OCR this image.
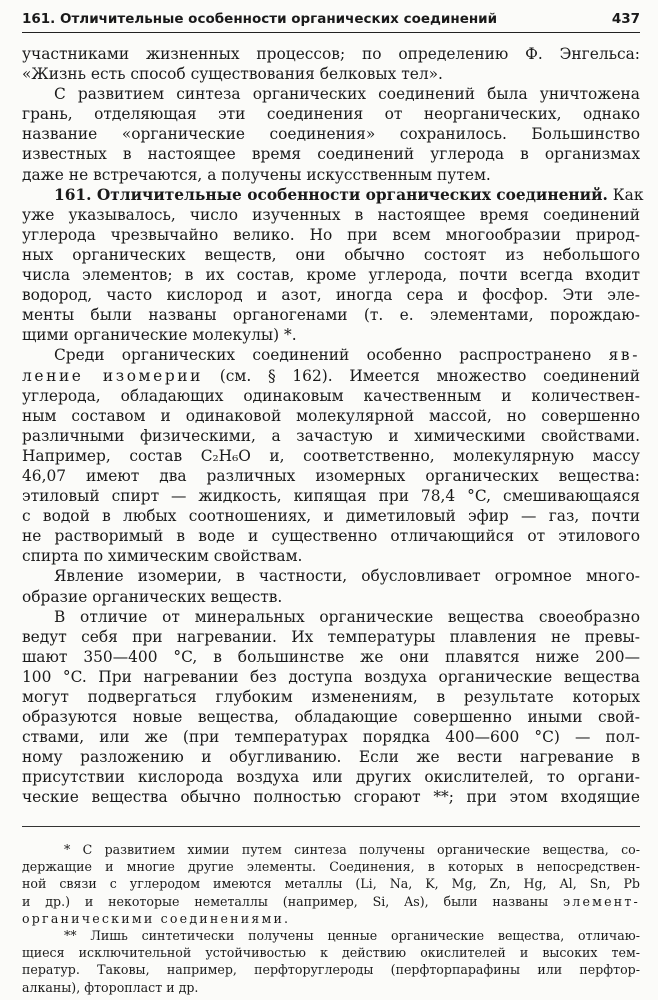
161. Отличительные особенности органических соединений	437
участниками жизненных процессов; по определению Ф. Энгельса:
«Жизнь есть способ существования белковых тел».
С развитием синтеза органических соединений была уничтожена
грань, отделяющая эти соединения от неорганических, однако
название «органические соединения» сохранилось. Большинство
известных в настоящее время соединений углерода в организмах
даже не встречаются, а получены искусственным путем.
161. Отличительные особенности органических соединений. Как
уже указывалось, число изученных в настоящее время соединений
углерода чрезвычайно велико. Но при всем многообразии природ-
ных органических веществ, они обычно состоят из небольшого
числа элементов; в их состав, кроме углерода, почти всегда входит
водород, часто кислород и азот, иногда сера и фосфор. Эти эле-
менты были названы органогенами (т. е. элементами, порождаю-
щими органические молекулы) *.
Среди органических соединений особенно распространено яв-
ление изомерии (см. § 162). Имеется множество соединений
углерода, обладающих одинаковым качественным и количествен-
ным составом и одинаковой молекулярной массой, но совершенно
различными физическими, а зачастую и химическими свойствами.
Например, состав C₂H₆O и, соответственно, молекулярную массу
46,07 имеют два различных изомерных органических вещества:
этиловый спирт — жидкость, кипящая при 78,4 °C, смешивающаяся
с водой в любых соотношениях, и диметиловый эфир — газ, почти
не растворимый в воде и существенно отличающийся от этилового
спирта по химическим свойствам.
Явление изомерии, в частности, обусловливает огромное много-
образие органических веществ.
В отличие от минеральных органические вещества своеобразно
ведут себя при нагревании. Их температуры плавления не превы-
шают 350—400 °C, в большинстве же они плавятся ниже 200—
100 °C. При нагревании без доступа воздуха органические вещества
могут подвергаться глубоким изменениям, в результате которых
образуются новые вещества, обладающие совершенно иными свой-
ствами, или же (при температурах порядка 400—600 °C) — пол-
ному разложению и обугливанию. Если же вести нагревание в
присутствии кислорода воздуха или других окислителей, то органи-
ческие вещества обычно полностью сгорают **; при этом входящие
* С развитием химии путем синтеза получены органические вещества, со-
держащие и многие другие элементы. Соединения, в которых в непосредствен-
ной связи с углеродом имеются металлы (Li, Na, K, Mg, Zn, Hg, Al, Sn, Pb
и др.) и некоторые неметаллы (например, Si, As), были названы элемент-
органическими соединениями.
** Лишь синтетически получены ценные органические вещества, отличаю-
щиеся исключительной устойчивостью к действию окислителей и высоких тем-
ператур. Таковы, например, перфторуглероды (перфторпарафины или перфтор-
алканы), фторопласт и др.
